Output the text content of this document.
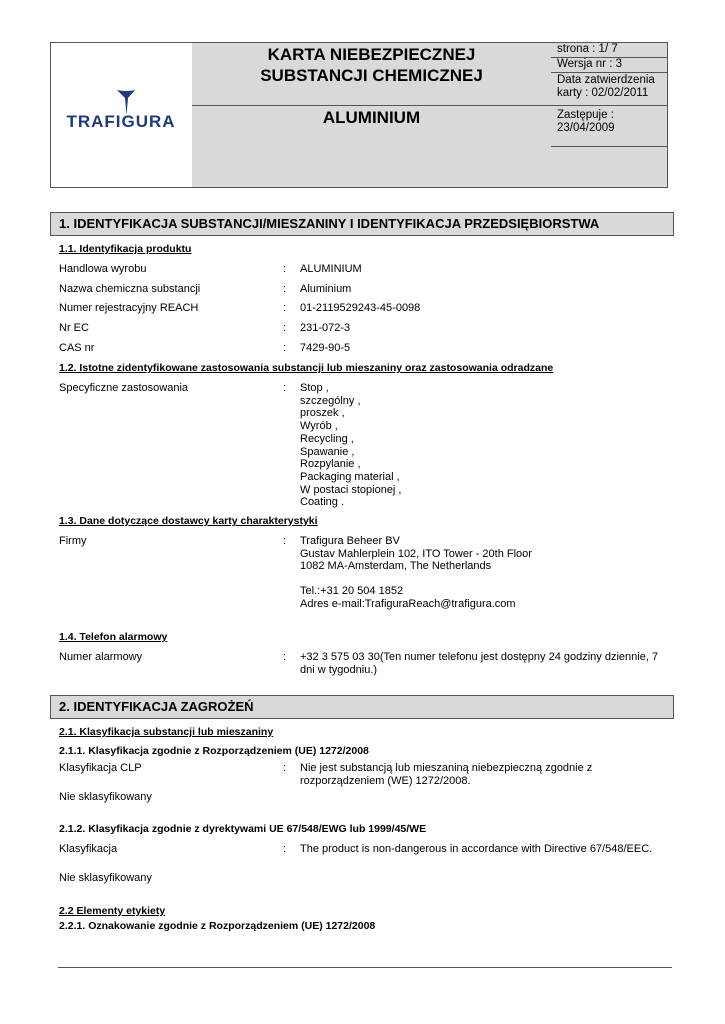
TRAFIGURA
KARTA NIEBEZPIECZNEJ
SUBSTANCJI CHEMICZNEJ
ALUMINIUM
strona : 1/ 7
Wersja nr : 3
Data zatwierdzenia
karty : 02/02/2011
Zastępuje :
23/04/2009
1. IDENTYFIKACJA SUBSTANCJI/MIESZANINY I IDENTYFIKACJA PRZEDSIĘBIORSTWA
1.1. Identyfikacja produktu
Handlowa wyrobu	: ALUMINIUM
Nazwa chemiczna substancji	: Aluminium
Numer rejestracyjny REACH	: 01-2119529243-45-0098
Nr EC	: 231-072-3
CAS nr	: 7429-90-5
1.2. Istotne zidentyfikowane zastosowania substancji lub mieszaniny oraz zastosowania odradzane
Specyficzne zastosowania	: Stop ,
szczególny ,
proszek ,
Wyrób ,
Recycling ,
Spawanie ,
Rozpylanie ,
Packaging material ,
W postaci stopionej ,
Coating .
1.3. Dane dotyczące dostawcy karty charakterystyki
Firmy	: Trafigura Beheer BV
Gustav Mahlerplein 102, ITO Tower - 20th Floor
1082 MA-Amsterdam, The Netherlands
Tel.:+31 20 504 1852
Adres e-mail:TrafiguraReach@trafigura.com
1.4. Telefon alarmowy
Numer alarmowy	: +32 3 575 03 30(Ten numer telefonu jest dostępny 24 godziny dziennie, 7
dni w tygodniu.)
2. IDENTYFIKACJA ZAGROŻEŃ
2.1. Klasyfikacja substancji lub mieszaniny
2.1.1. Klasyfikacja zgodnie z Rozporządzeniem (UE) 1272/2008
Klasyfikacja CLP	: Nie jest substancją lub mieszaniną niebezpieczną zgodnie z
rozporządzeniem (WE) 1272/2008.
Nie sklasyfikowany
2.1.2. Klasyfikacja zgodnie z dyrektywami UE 67/548/EWG lub 1999/45/WE
Klasyfikacja	: The product is non-dangerous in accordance with Directive 67/548/EEC.
Nie sklasyfikowany
2.2 Elementy etykiety
2.2.1. Oznakowanie zgodnie z Rozporządzeniem (UE) 1272/2008
